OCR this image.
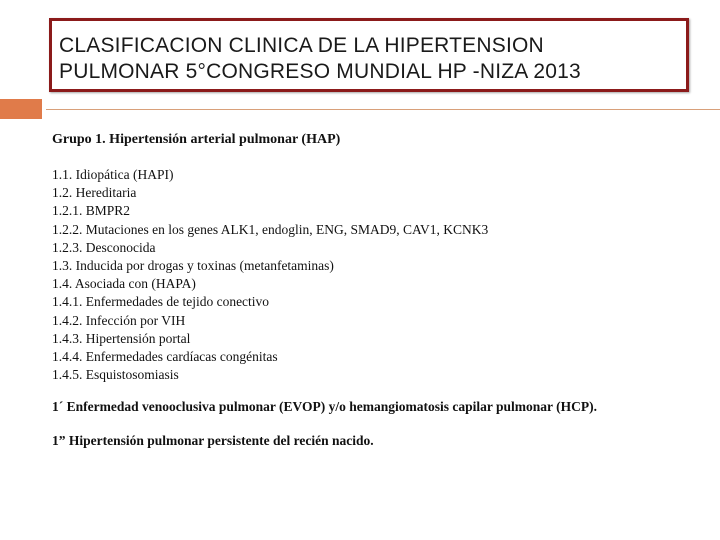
CLASIFICACION CLINICA DE LA HIPERTENSION
PULMONAR 5°CONGRESO MUNDIAL HP -NIZA 2013
Grupo 1. Hipertensión arterial pulmonar (HAP)
1.1. Idiopática (HAPI)
1.2. Hereditaria
1.2.1. BMPR2
1.2.2. Mutaciones en los genes ALK1, endoglin, ENG, SMAD9, CAV1, KCNK3
1.2.3. Desconocida
1.3. Inducida por drogas y toxinas (metanfetaminas)
1.4. Asociada con (HAPA)
1.4.1. Enfermedades de tejido conectivo
1.4.2. Infección por VIH
1.4.3. Hipertensión portal
1.4.4. Enfermedades cardíacas congénitas
1.4.5. Esquistosomiasis
1´ Enfermedad venooclusiva pulmonar (EVOP) y/o hemangiomatosis capilar pulmonar (HCP).
1” Hipertensión pulmonar persistente del recién nacido.
